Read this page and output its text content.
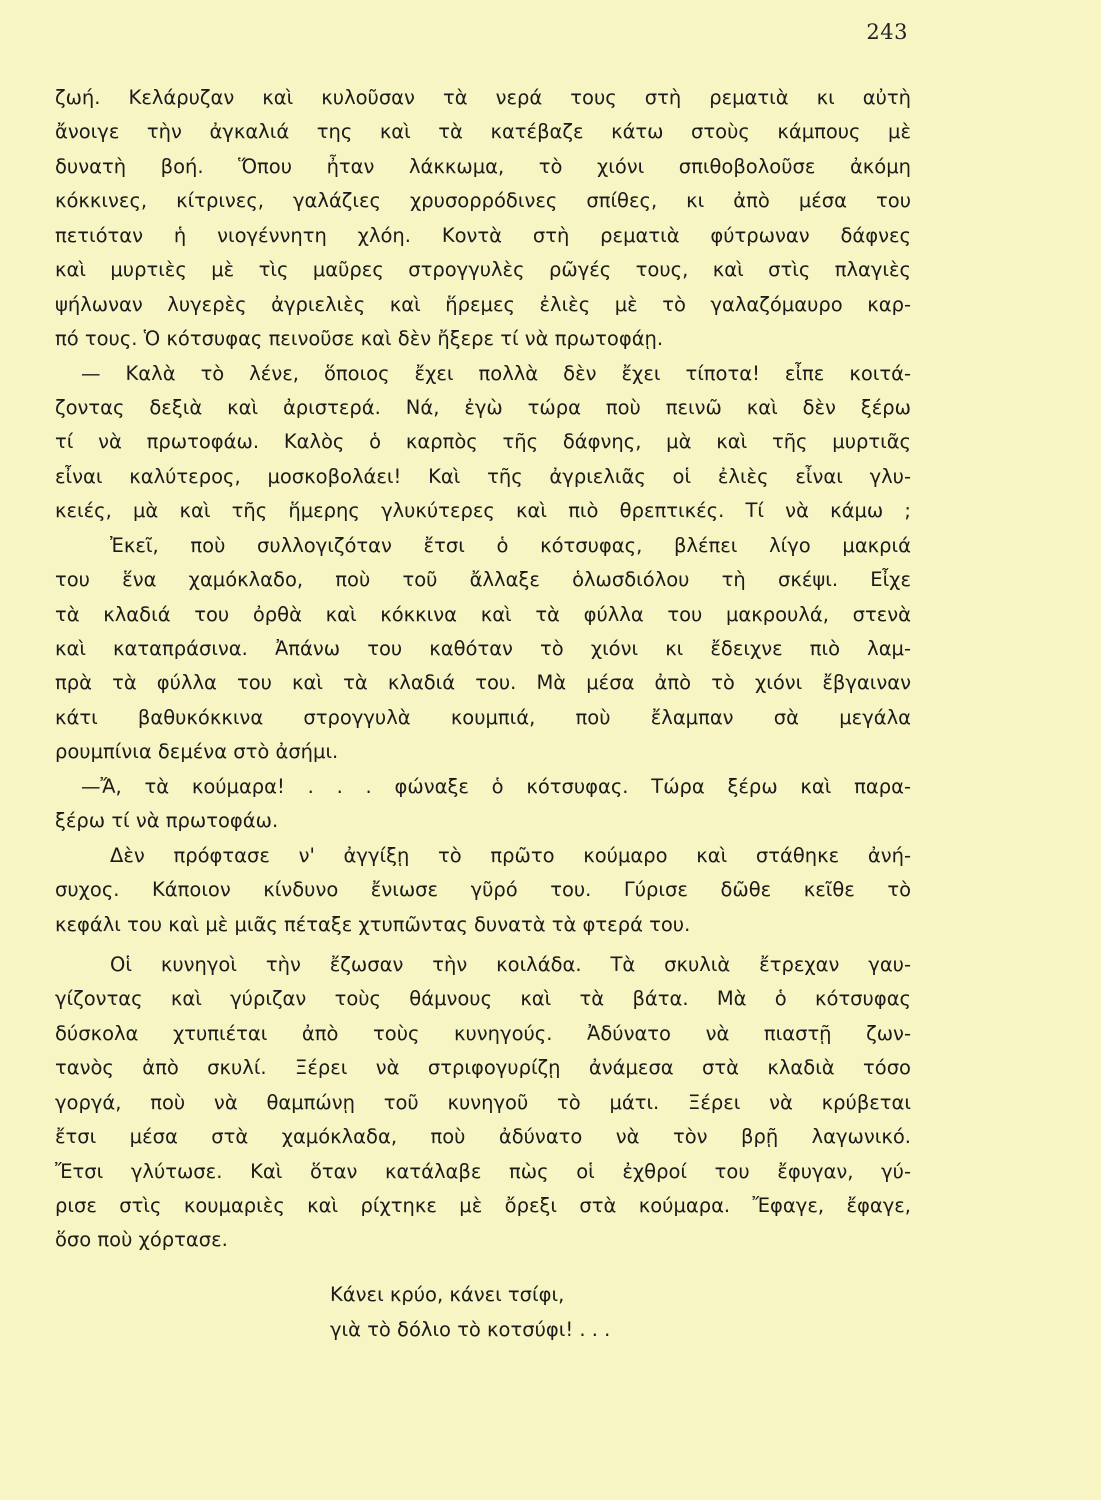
243
ζωή. Κελάρυζαν καὶ κυλοῦσαν τὰ νερά τους στὴ ρεματιὰ κι αὐτὴ
ἄνοιγε τὴν ἀγκαλιά της καὶ τὰ κατέβαζε κάτω στοὺς κάμπους μὲ
δυνατὴ βοή. Ὅπου ἦταν λάκκωμα, τὸ χιόνι σπιθοβολοῦσε ἀκόμη
κόκκινες, κίτρινες, γαλάζιες χρυσορρόδινες σπίθες, κι ἀπὸ μέσα του
πετιόταν ἡ νιογέννητη χλόη. Κοντὰ στὴ ρεματιὰ φύτρωναν δάφνες
καὶ μυρτιὲς μὲ τὶς μαῦρες στρογγυλὲς ρῶγές τους, καὶ στὶς πλαγιὲς
ψήλωναν λυγερὲς ἀγριελιὲς καὶ ἥρεμες ἐλιὲς μὲ τὸ γαλαζόμαυρο καρ-
πό τους. Ὁ κότσυφας πεινοῦσε καὶ δὲν ἤξερε τί νὰ πρωτοφάῃ.
— Καλὰ τὸ λένε, ὅποιος ἔχει πολλὰ δὲν ἔχει τίποτα! εἶπε κοιτά-
ζοντας δεξιὰ καὶ ἀριστερά. Νά, ἐγὼ τώρα ποὺ πεινῶ καὶ δὲν ξέρω
τί νὰ πρωτοφάω. Καλὸς ὁ καρπὸς τῆς δάφνης, μὰ καὶ τῆς μυρτιᾶς
εἶναι καλύτερος, μοσκοβολάει! Καὶ τῆς ἀγριελιᾶς οἱ ἐλιὲς εἶναι γλυ-
κειές, μὰ καὶ τῆς ἥμερης γλυκύτερες καὶ πιὸ θρεπτικές. Τί νὰ κάμω ;
Ἐκεῖ, ποὺ συλλογιζόταν ἔτσι ὁ κότσυφας, βλέπει λίγο μακριά
του ἕνα χαμόκλαδο, ποὺ τοῦ ἄλλαξε ὁλωσδιόλου τὴ σκέψι. Εἶχε
τὰ κλαδιά του ὀρθὰ καὶ κόκκινα καὶ τὰ φύλλα του μακρουλά, στενὰ
καὶ καταπράσινα. Ἀπάνω του καθόταν τὸ χιόνι κι ἔδειχνε πιὸ λαμ-
πρὰ τὰ φύλλα του καὶ τὰ κλαδιά του. Μὰ μέσα ἀπὸ τὸ χιόνι ἔβγαιναν
κάτι βαθυκόκκινα στρογγυλὰ κουμπιά, ποὺ ἔλαμπαν σὰ μεγάλα
ρουμπίνια δεμένα στὸ ἀσήμι.
—Ἄ, τὰ κούμαρα! . . . φώναξε ὁ κότσυφας. Τώρα ξέρω καὶ παρα-
ξέρω τί νὰ πρωτοφάω.
Δὲν πρόφτασε ν' ἀγγίξῃ τὸ πρῶτο κούμαρο καὶ στάθηκε ἀνή-
συχος. Κάποιον κίνδυνο ἔνιωσε γῦρό του. Γύρισε δῶθε κεῖθε τὸ
κεφάλι του καὶ μὲ μιᾶς πέταξε χτυπῶντας δυνατὰ τὰ φτερά του.
Οἱ κυνηγοὶ τὴν ἔζωσαν τὴν κοιλάδα. Τὰ σκυλιὰ ἔτρεχαν γαυ-
γίζοντας καὶ γύριζαν τοὺς θάμνους καὶ τὰ βάτα. Μὰ ὁ κότσυφας
δύσκολα χτυπιέται ἀπὸ τοὺς κυνηγούς. Ἀδύνατο νὰ πιαστῇ ζων-
τανὸς ἀπὸ σκυλί. Ξέρει νὰ στριφογυρίζῃ ἀνάμεσα στὰ κλαδιὰ τόσο
γοργά, ποὺ νὰ θαμπώνῃ τοῦ κυνηγοῦ τὸ μάτι. Ξέρει νὰ κρύβεται
ἔτσι μέσα στὰ χαμόκλαδα, ποὺ ἀδύνατο νὰ τὸν βρῇ λαγωνικό.
Ἔτσι γλύτωσε. Καὶ ὅταν κατάλαβε πὼς οἱ ἐχθροί του ἔφυγαν, γύ-
ρισε στὶς κουμαριὲς καὶ ρίχτηκε μὲ ὄρεξι στὰ κούμαρα. Ἔφαγε, ἔφαγε,
ὅσο ποὺ χόρτασε.
Κάνει κρύο, κάνει τσίφι,
γιὰ τὸ δόλιο τὸ κοτσύφι! . . .
